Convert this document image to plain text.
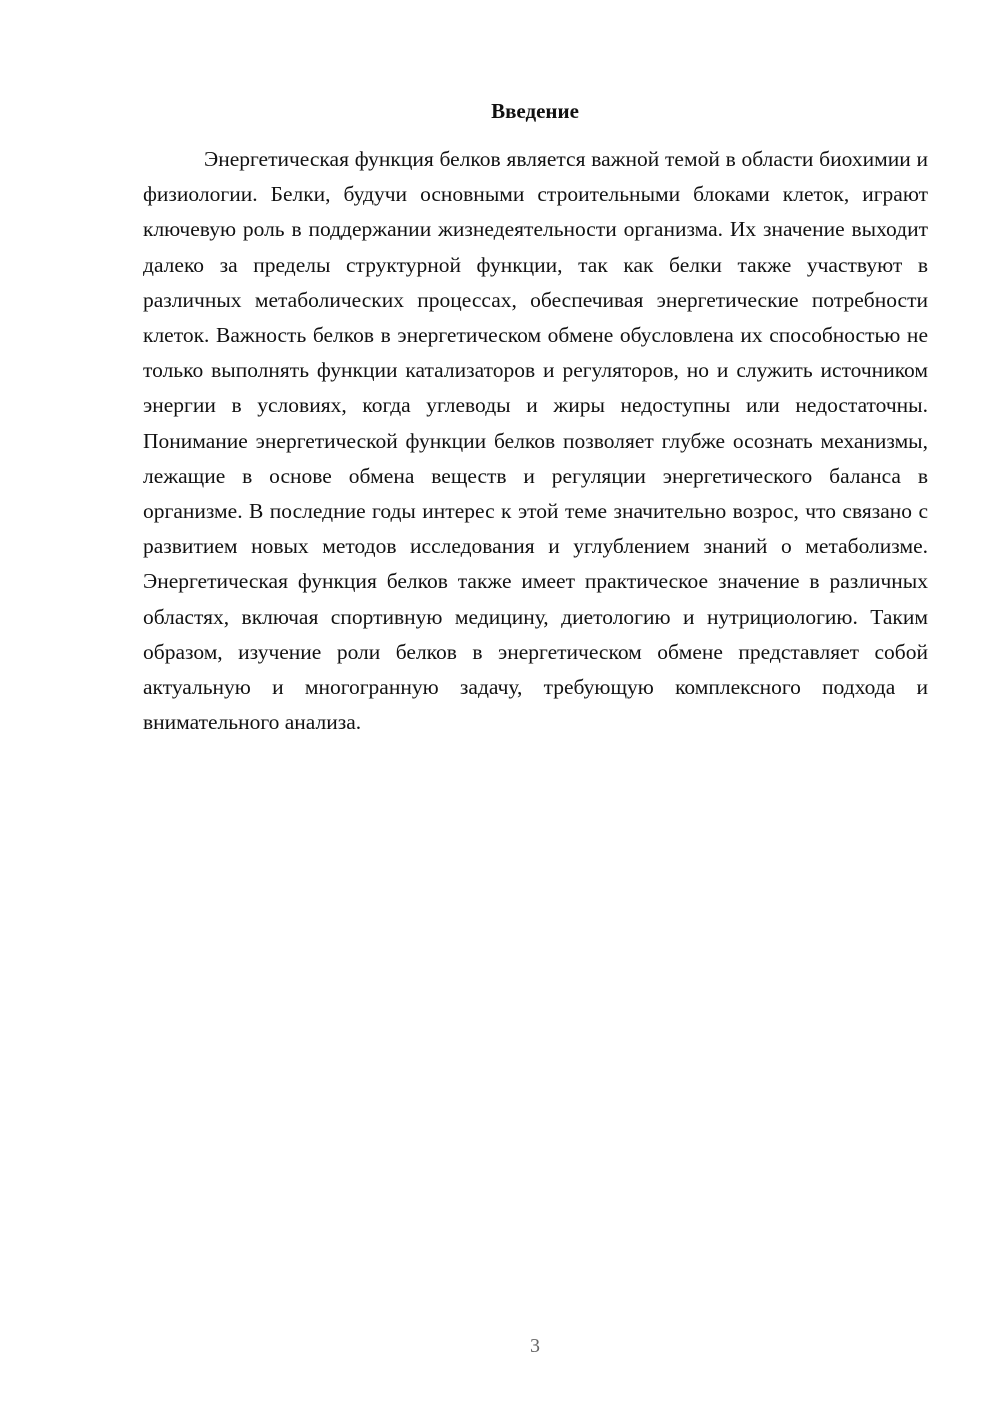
Введение

Энергетическая функция белков является важной темой в области биохимии и физиологии. Белки, будучи основными строительными блоками клеток, играют ключевую роль в поддержании жизнедеятельности организма. Их значение выходит далеко за пределы структурной функции, так как белки также участвуют в различных метаболических процессах, обеспечивая энергетические потребности клеток. Важность белков в энергетическом обмене обусловлена их способностью не только выполнять функции катализаторов и регуляторов, но и служить источником энергии в условиях, когда углеводы и жиры недоступны или недостаточны. Понимание энергетической функции белков позволяет глубже осознать механизмы, лежащие в основе обмена веществ и регуляции энергетического баланса в организме. В последние годы интерес к этой теме значительно возрос, что связано с развитием новых методов исследования и углублением знаний о метаболизме. Энергетическая функция белков также имеет практическое значение в различных областях, включая спортивную медицину, диетологию и нутрициологию. Таким образом, изучение роли белков в энергетическом обмене представляет собой актуальную и многогранную задачу, требующую комплексного подхода и внимательного анализа.

3
